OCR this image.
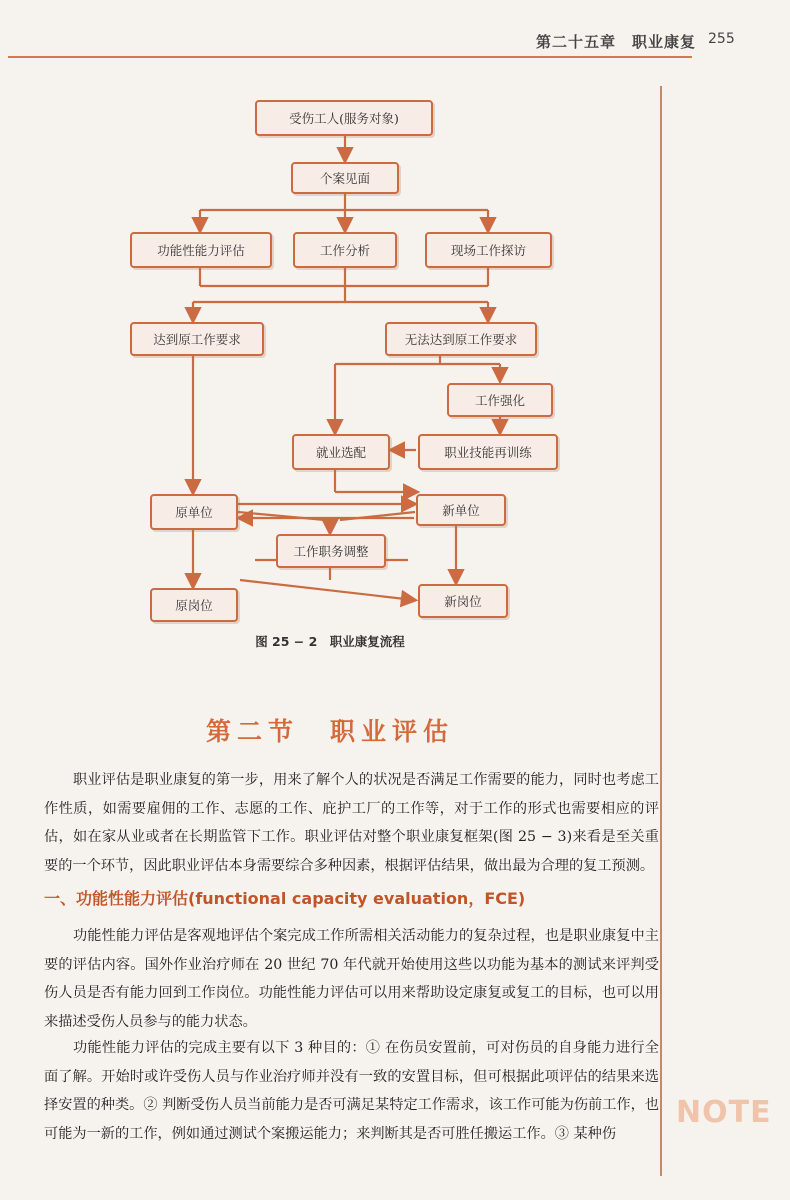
第二十五章　职业康复 255
受伤工人(服务对象)
个案见面
功能性能力评估	工作分析	现场工作探访
达到原工作要求	无法达到原工作要求
工作强化
就业选配	职业技能再训练
原单位	新单位
工作职务调整
原岗位	新岗位
图 25 − 2　职业康复流程
第二节　职业评估
职业评估是职业康复的第一步，用来了解个人的状况是否满足工作需要的能力，同时也考虑工作性质，如需要雇佣的工作、志愿的工作、庇护工厂的工作等，对于工作的形式也需要相应的评估，如在家从业或者在长期监管下工作。职业评估对整个职业康复框架(图 25 − 3)来看是至关重要的一个环节，因此职业评估本身需要综合多种因素，根据评估结果，做出最为合理的复工预测。
一、功能性能力评估(functional capacity evaluation，FCE)
功能性能力评估是客观地评估个案完成工作所需相关活动能力的复杂过程，也是职业康复中主要的评估内容。国外作业治疗师在 20 世纪 70 年代就开始使用这些以功能为基本的测试来评判受伤人员是否有能力回到工作岗位。功能性能力评估可以用来帮助设定康复或复工的目标，也可以用来描述受伤人员参与的能力状态。
功能性能力评估的完成主要有以下 3 种目的：① 在伤员安置前，可对伤员的自身能力进行全面了解。开始时或许受伤人员与作业治疗师并没有一致的安置目标，但可根据此项评估的结果来选择安置的种类。② 判断受伤人员当前能力是否可满足某特定工作需求，该工作可能为伤前工作，也可能为一新的工作，例如通过测试个案搬运能力；来判断其是否可胜任搬运工作。③ 某种伤
NOTE
